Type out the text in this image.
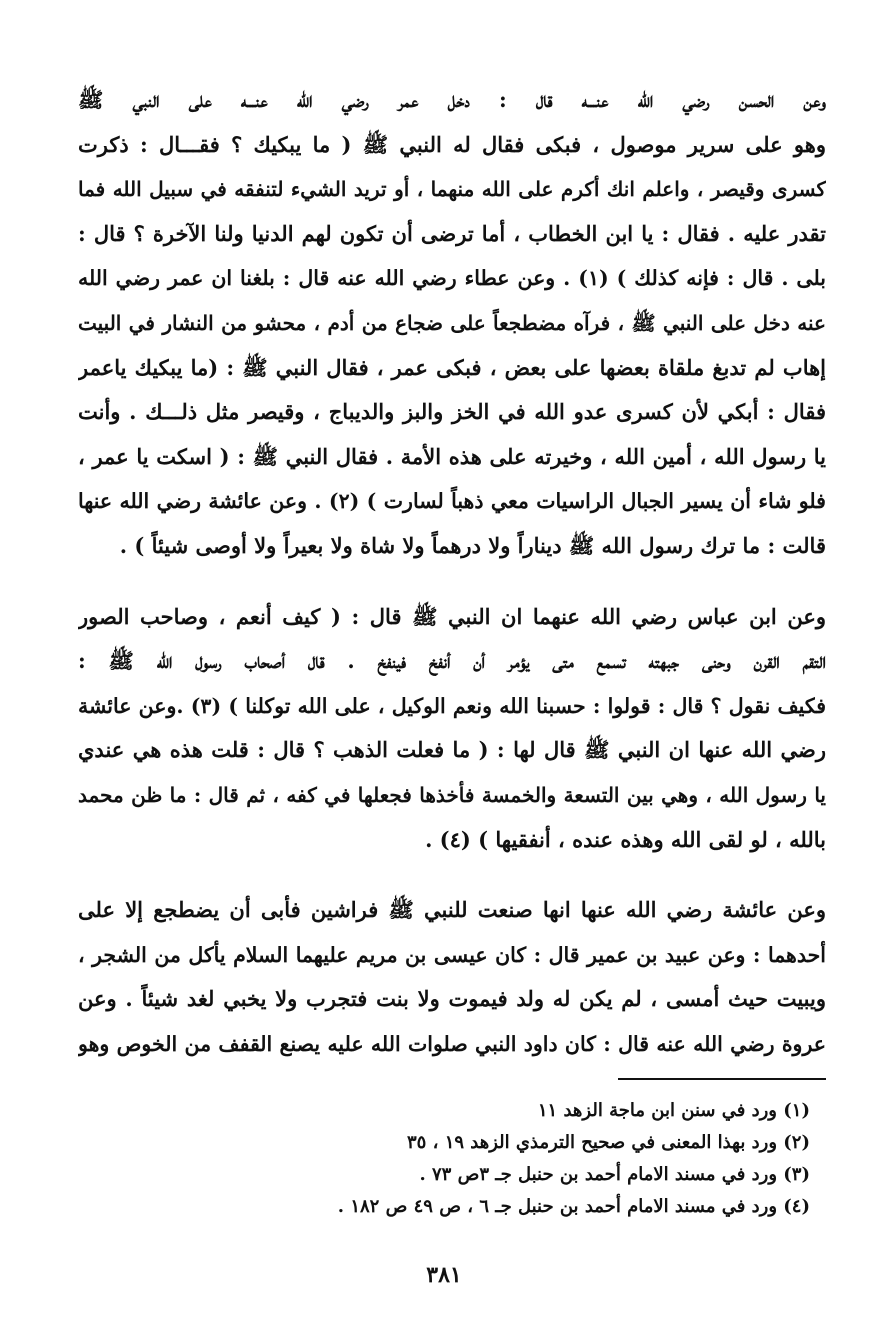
وعن الحسن رضي الله عنـــه قال : دخل عمر رضي الله عنـــه على النبي ﷺ
وهو على سرير موصول ، فبكى فقال له النبي ﷺ ( ما يبكيك ؟ فقـــال : ذكرت
كسرى وقيصر ، واعلم انك أكرم على الله منهما ، أو تريد الشيء لتنفقه في سبيل الله فما
تقدر عليه . فقال : يا ابن الخطاب ، أما ترضى أن تكون لهم الدنيا ولنا الآخرة ؟ قال :
بلى . قال : فإنه كذلك ) (١) . وعن عطاء رضي الله عنه قال : بلغنا ان عمر رضي الله
عنه دخل على النبي ﷺ ، فرآه مضطجعاً على ضجاع من أدم ، محشو من النشار في البيت
إهاب لم تدبغ ملقاة بعضها على بعض ، فبكى عمر ، فقال النبي ﷺ : (ما يبكيك ياعمر
فقال : أبكي لأن كسرى عدو الله في الخز والبز والديباج ، وقيصر مثل ذلـــك . وأنت
يا رسول الله ، أمين الله ، وخيرته على هذه الأمة . فقال النبي ﷺ : ( اسكت يا عمر ،
فلو شاء أن يسير الجبال الراسيات معي ذهباً لسارت ) (٢) . وعن عائشة رضي الله عنها
قالت : ما ترك رسول الله ﷺ ديناراً ولا درهماً ولا شاة ولا بعيراً ولا أوصى شيئاً ) .

وعن ابن عباس رضي الله عنهما ان النبي ﷺ قال : ( كيف أنعم ، وصاحب الصور
التقم القرن وحنى جبهته تسمع متى يؤمر أن أنفخ فينفخ . قال أصحاب رسول الله ﷺ :
فكيف نقول ؟ قال : قولوا : حسبنا الله ونعم الوكيل ، على الله توكلنا ) (٣) .وعن عائشة
رضي الله عنها ان النبي ﷺ قال لها : ( ما فعلت الذهب ؟ قال : قلت هذه هي عندي
يا رسول الله ، وهي بين التسعة والخمسة فأخذها فجعلها في كفه ، ثم قال : ما ظن محمد
بالله ، لو لقى الله وهذه عنده ، أنفقيها ) (٤) .

وعن عائشة رضي الله عنها انها صنعت للنبي ﷺ فراشين فأبى أن يضطجع إلا على
أحدهما : وعن عبيد بن عمير قال : كان عيسى بن مريم عليهما السلام يأكل من الشجر ،
ويبيت حيث أمسى ، لم يكن له ولد فيموت ولا بنت فتجرب ولا يخبي لغد شيئاً . وعن
عروة رضي الله عنه قال : كان داود النبي صلوات الله عليه يصنع القفف من الخوص وهو

(١) ورد في سنن ابن ماجة الزهد ١١
(٢) ورد بهذا المعنى في صحيح الترمذي الزهد ١٩ ، ٣٥
(٣) ورد في مسند الامام أحمد بن حنبل جـ ٣ص ٧٣ .
(٤) ورد في مسند الامام أحمد بن حنبل جـ ٦ ، ص ٤٩ ص ١٨٢ .
٣٨١
